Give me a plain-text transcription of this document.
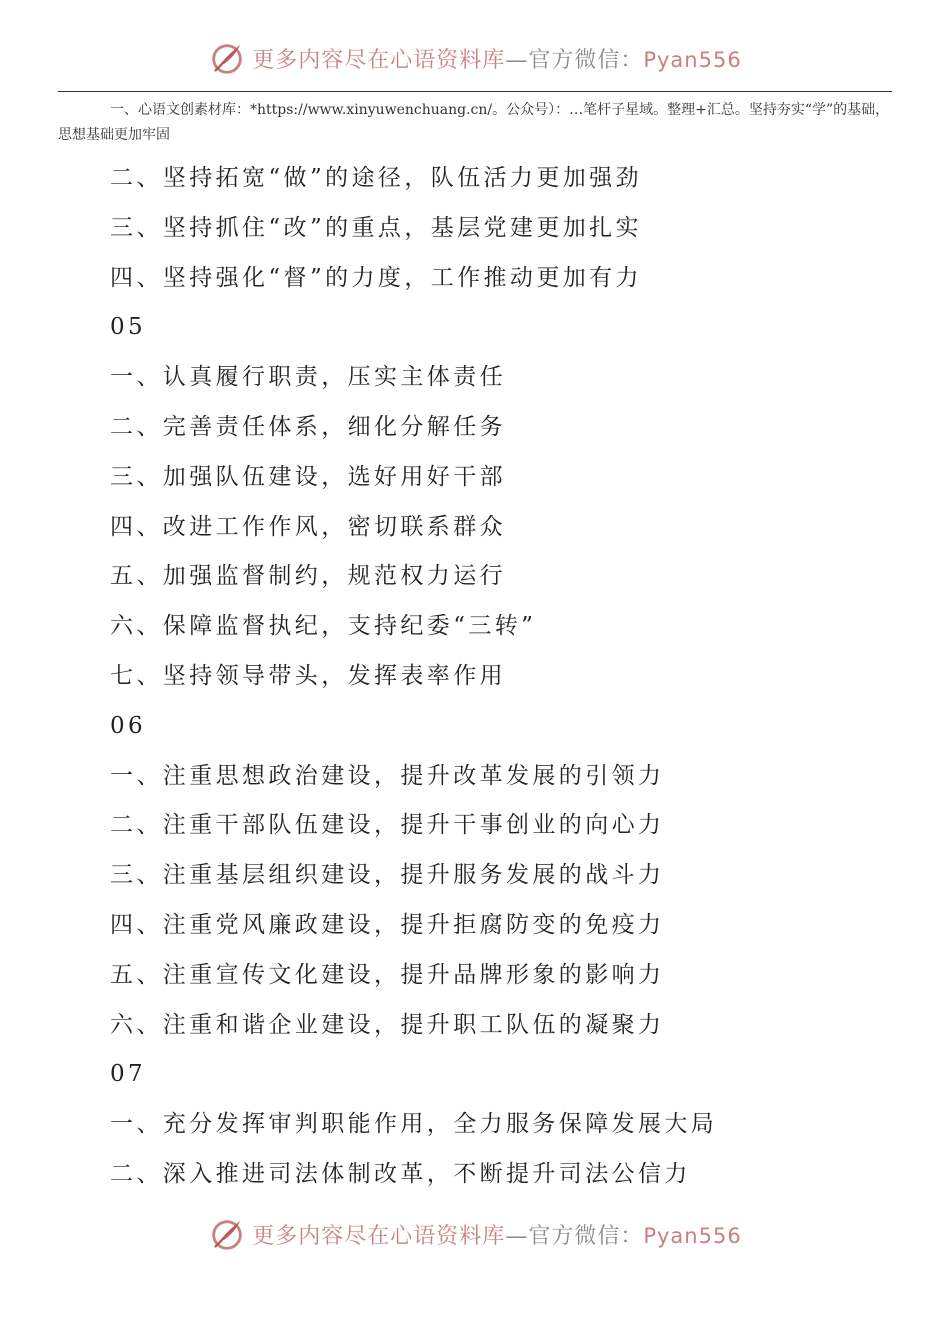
更多内容尽在心语资料库—官方微信：Pyan556

一、心语文创素材库：*https://www.xinyuwenchuang.cn/。公众号）：…笔杆子星域。整理+汇总。坚持夯实“学”的基础，思想基础更加牢固

二、坚持拓宽“做”的途径，队伍活力更加强劲
三、坚持抓住“改”的重点，基层党建更加扎实
四、坚持强化“督”的力度，工作推动更加有力
05
一、认真履行职责，压实主体责任
二、完善责任体系，细化分解任务
三、加强队伍建设，选好用好干部
四、改进工作作风，密切联系群众
五、加强监督制约，规范权力运行
六、保障监督执纪，支持纪委“三转”
七、坚持领导带头，发挥表率作用
06
一、注重思想政治建设，提升改革发展的引领力
二、注重干部队伍建设，提升干事创业的向心力
三、注重基层组织建设，提升服务发展的战斗力
四、注重党风廉政建设，提升拒腐防变的免疫力
五、注重宣传文化建设，提升品牌形象的影响力
六、注重和谐企业建设，提升职工队伍的凝聚力
07
一、充分发挥审判职能作用，全力服务保障发展大局
二、深入推进司法体制改革，不断提升司法公信力
更多内容尽在心语资料库—官方微信：Pyan556
